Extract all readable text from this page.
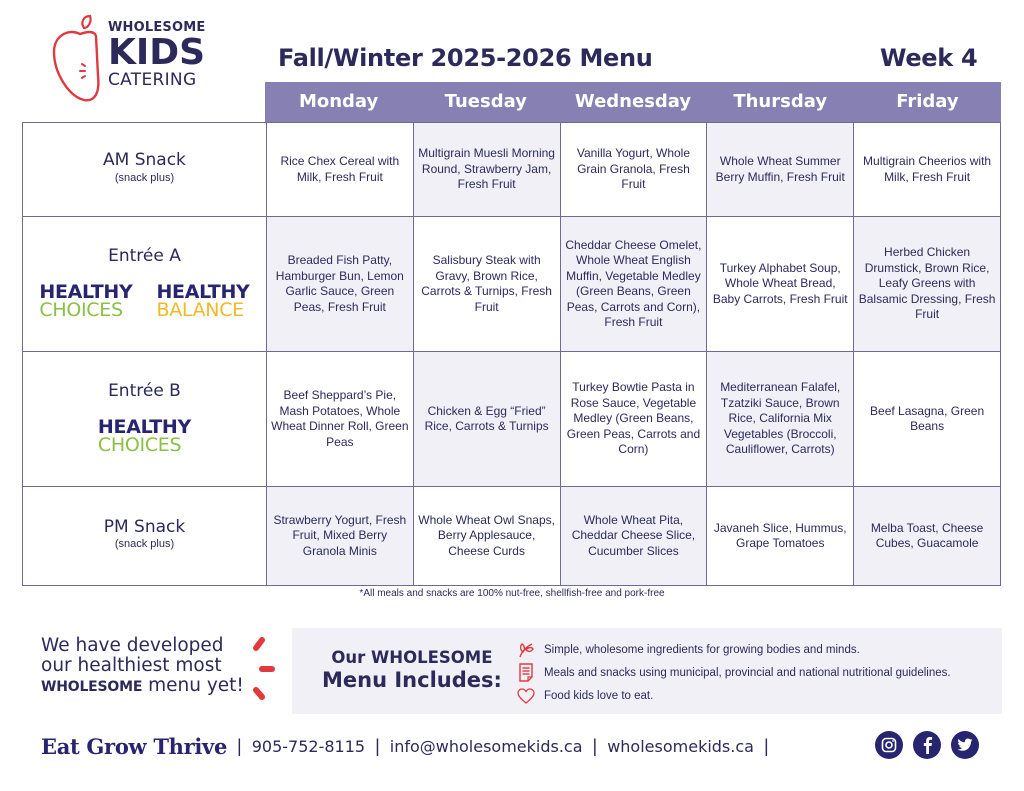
WHOLESOME
KIDS
CATERING
Fall/Winter 2025-2026 Menu	Week 4
Monday	Tuesday	Wednesday	Thursday	Friday
AM Snack
(snack plus)	Rice Chex Cereal with Milk, Fresh Fruit	Multigrain Muesli Morning Round, Strawberry Jam, Fresh Fruit	Vanilla Yogurt, Whole Grain Granola, Fresh Fruit	Whole Wheat Summer Berry Muffin, Fresh Fruit	Multigrain Cheerios with Milk, Fresh Fruit

Entrée A
HEALTHY
CHOICES
HEALTHY
BALANCE	Breaded Fish Patty, Hamburger Bun, Lemon Garlic Sauce, Green Peas, Fresh Fruit	Salisbury Steak with Gravy, Brown Rice, Carrots & Turnips, Fresh Fruit	Cheddar Cheese Omelet, Whole Wheat English Muffin, Vegetable Medley (Green Beans, Green Peas, Carrots and Corn), Fresh Fruit	Turkey Alphabet Soup, Whole Wheat Bread, Baby Carrots, Fresh Fruit	Herbed Chicken Drumstick, Brown Rice, Leafy Greens with Balsamic Dressing, Fresh Fruit

Entrée B
HEALTHY
CHOICES	Beef Sheppard’s Pie, Mash Potatoes, Whole Wheat Dinner Roll, Green Peas	Chicken & Egg “Fried” Rice, Carrots & Turnips	Turkey Bowtie Pasta in Rose Sauce, Vegetable Medley (Green Beans, Green Peas, Carrots and Corn)	Mediterranean Falafel, Tzatziki Sauce, Brown Rice, California Mix Vegetables (Broccoli, Cauliflower, Carrots)	Beef Lasagna, Green Beans

PM Snack
(snack plus)	Strawberry Yogurt, Fresh Fruit, Mixed Berry Granola Minis	Whole Wheat Owl Snaps, Berry Applesauce, Cheese Curds	Whole Wheat Pita, Cheddar Cheese Slice, Cucumber Slices	Javaneh Slice, Hummus, Grape Tomatoes	Melba Toast, Cheese Cubes, Guacamole
*All meals and snacks are 100% nut-free, shellfish-free and pork-free
We have developed
our healthiest most
WHOLESOME menu yet!
Our WHOLESOME
Menu Includes:
Simple, wholesome ingredients for growing bodies and minds.
Meals and snacks using municipal, provincial and national nutritional guidelines.
Food kids love to eat.
Eat Grow Thrive | 905-752-8115 | info@wholesomekids.ca | wholesomekids.ca |
